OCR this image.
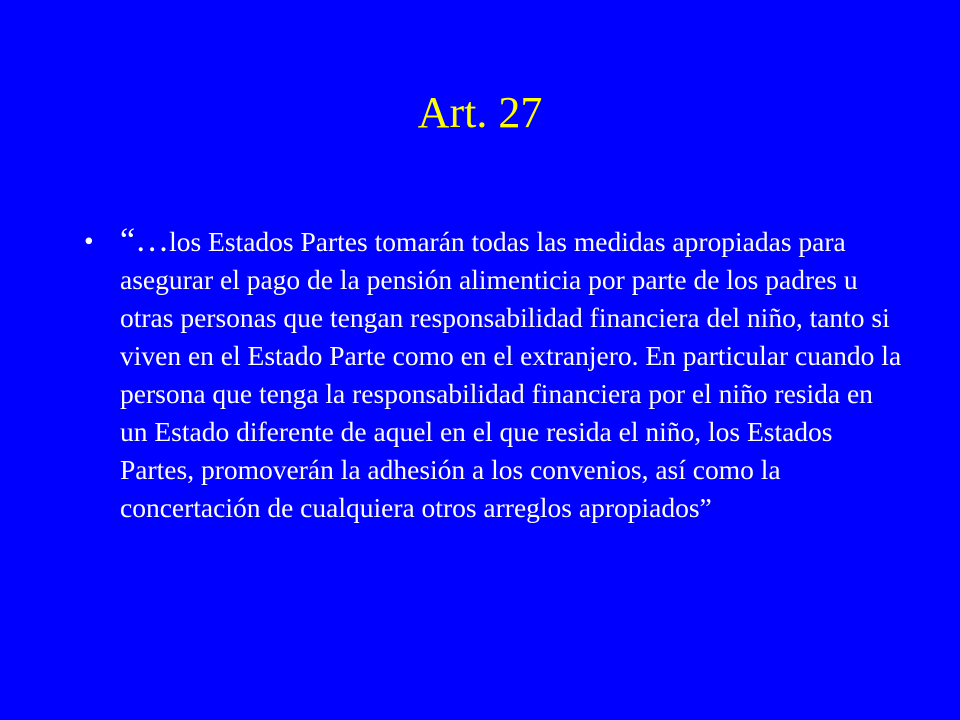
Art. 27
• “…los Estados Partes tomarán todas las medidas apropiadas para asegurar el pago de la pensión alimenticia por parte de los padres u otras personas que tengan responsabilidad financiera del niño, tanto si viven en el Estado Parte como en el extranjero. En particular cuando la persona que tenga la responsabilidad financiera por el niño resida en un Estado diferente de aquel en el que resida el niño, los Estados Partes, promoverán la adhesión a los convenios, así como la concertación de cualquiera otros arreglos apropiados”
